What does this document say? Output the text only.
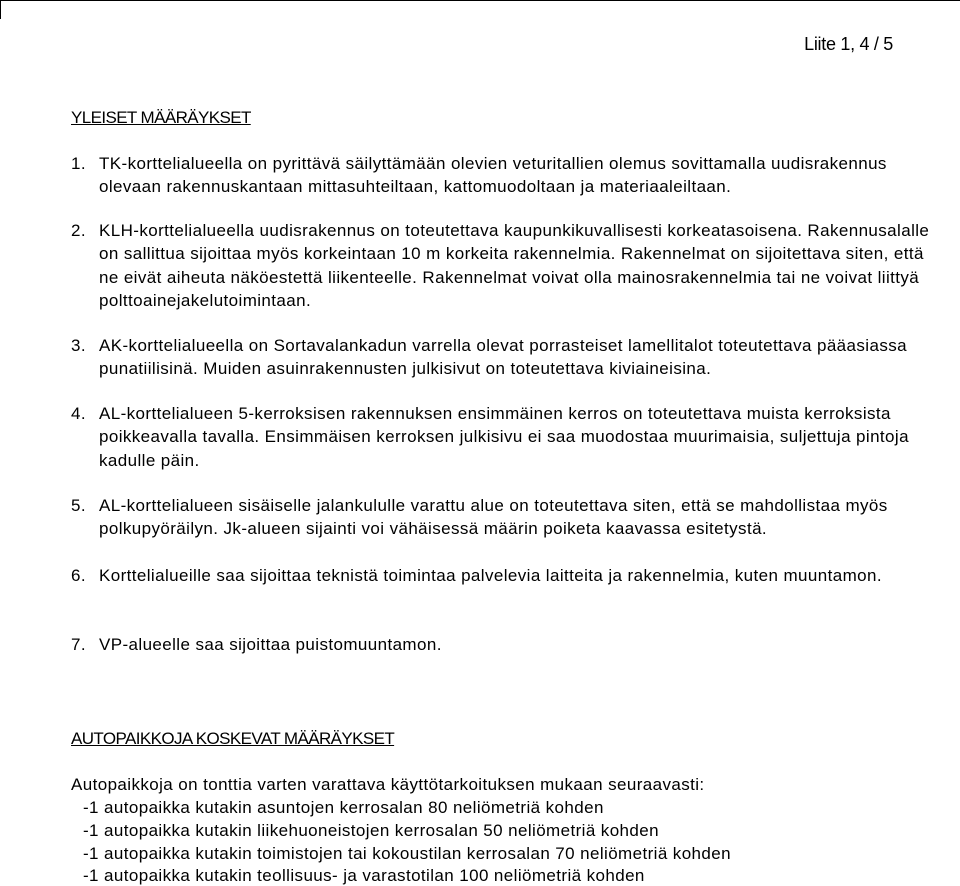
Liite 1, 4 / 5
YLEISET MÄÄRÄYKSET
1. TK-korttelialueella on pyrittävä säilyttämään olevien veturitallien olemus sovittamalla uudisrakennus olevaan rakennuskantaan mittasuhteiltaan, kattomuodoltaan ja materiaaleiltaan.
2. KLH-korttelialueella uudisrakennus on toteutettava kaupunkikuvallisesti korkeatasoisena. Rakennusalalle on sallittua sijoittaa myös korkeintaan 10 m korkeita rakennelmia. Rakennelmat on sijoitettava siten, että ne eivät aiheuta näköestettä liikenteelle. Rakennelmat voivat olla mainosrakennelmia tai ne voivat liittyä polttoainejakelutoimintaan.
3. AK-korttelialueella on Sortavalankadun varrella olevat porrasteiset lamellitalot toteutettava pääasiassa punatiilisinä. Muiden asuinrakennusten julkisivut on toteutettava kiviaineisina.
4. AL-korttelialueen 5-kerroksisen rakennuksen ensimmäinen kerros on toteutettava muista kerroksista poikkeavalla tavalla. Ensimmäisen kerroksen julkisivu ei saa muodostaa muurimaisia, suljettuja pintoja kadulle päin.
5. AL-korttelialueen sisäiselle jalankululle varattu alue on toteutettava siten, että se mahdollistaa myös polkupyöräilyn. Jk-alueen sijainti voi vähäisessä määrin poiketa kaavassa esitetystä.
6. Korttelialueille saa sijoittaa teknistä toimintaa palvelevia laitteita ja rakennelmia, kuten muuntamon.
7. VP-alueelle saa sijoittaa puistomuuntamon.
AUTOPAIKKOJA KOSKEVAT MÄÄRÄYKSET
Autopaikkoja on tonttia varten varattava käyttötarkoituksen mukaan seuraavasti:
-1 autopaikka kutakin asuntojen kerrosalan 80 neliömetriä kohden
-1 autopaikka kutakin liikehuoneistojen kerrosalan 50 neliömetriä kohden
-1 autopaikka kutakin toimistojen tai kokoustilan kerrosalan 70 neliömetriä kohden
-1 autopaikka kutakin teollisuus- ja varastotilan 100 neliömetriä kohden
